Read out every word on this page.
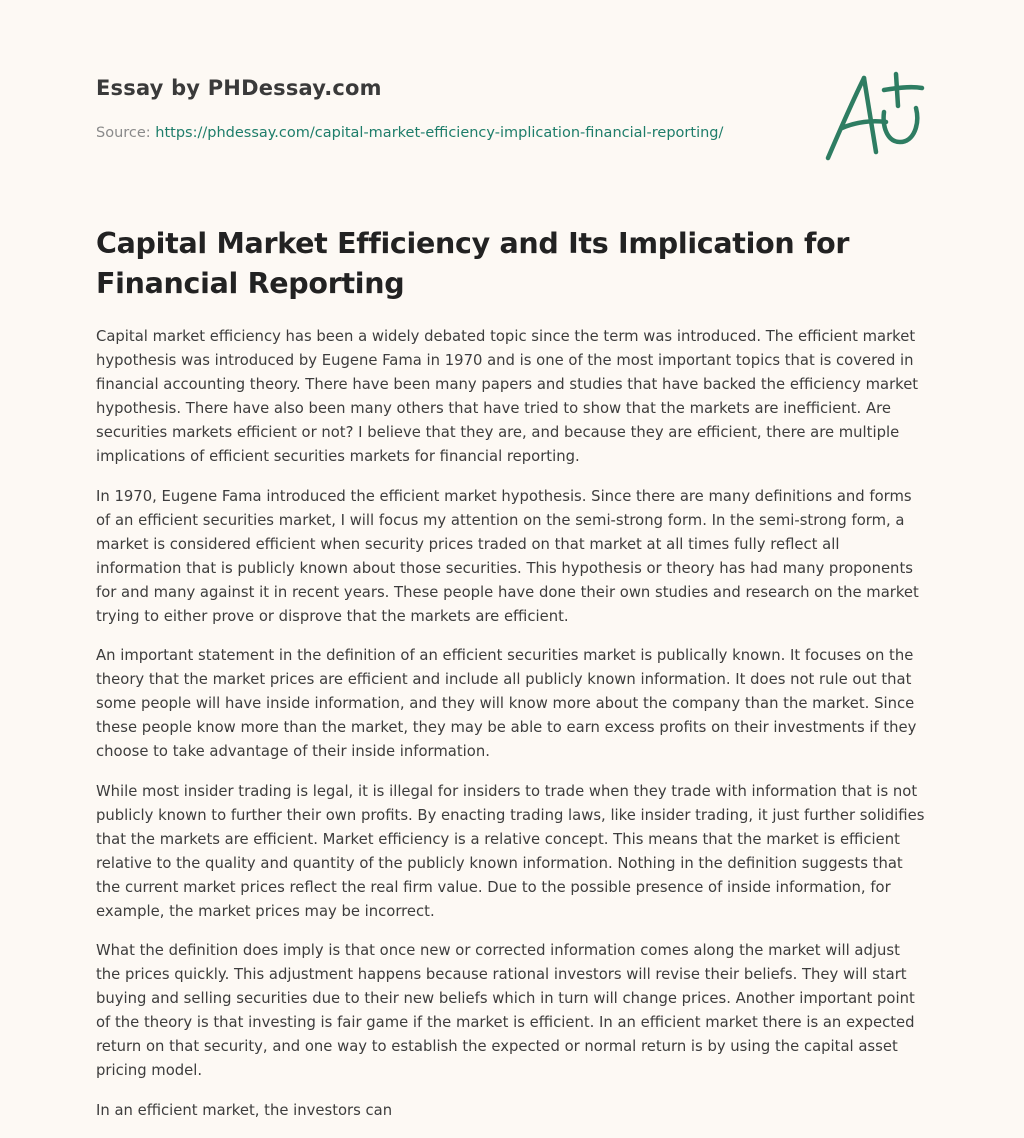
Essay by PHDessay.com
Source: https://phdessay.com/capital-market-efficiency-implication-financial-reporting/
Capital Market Efficiency and Its Implication for Financial Reporting

Capital market efficiency has been a widely debated topic since the term was introduced. The efficient market hypothesis was introduced by Eugene Fama in 1970 and is one of the most important topics that is covered in financial accounting theory. There have been many papers and studies that have backed the efficiency market hypothesis. There have also been many others that have tried to show that the markets are inefficient. Are securities markets efficient or not? I believe that they are, and because they are efficient, there are multiple implications of efficient securities markets for financial reporting.

In 1970, Eugene Fama introduced the efficient market hypothesis. Since there are many definitions and forms of an efficient securities market, I will focus my attention on the semi-strong form. In the semi-strong form, a market is considered efficient when security prices traded on that market at all times fully reflect all information that is publicly known about those securities. This hypothesis or theory has had many proponents for and many against it in recent years. These people have done their own studies and research on the market trying to either prove or disprove that the markets are efficient.

An important statement in the definition of an efficient securities market is publically known. It focuses on the theory that the market prices are efficient and include all publicly known information. It does not rule out that some people will have inside information, and they will know more about the company than the market. Since these people know more than the market, they may be able to earn excess profits on their investments if they choose to take advantage of their inside information.

While most insider trading is legal, it is illegal for insiders to trade when they trade with information that is not publicly known to further their own profits. By enacting trading laws, like insider trading, it just further solidifies that the markets are efficient. Market efficiency is a relative concept. This means that the market is efficient relative to the quality and quantity of the publicly known information. Nothing in the definition suggests that the current market prices reflect the real firm value. Due to the possible presence of inside information, for example, the market prices may be incorrect.

What the definition does imply is that once new or corrected information comes along the market will adjust the prices quickly. This adjustment happens because rational investors will revise their beliefs. They will start buying and selling securities due to their new beliefs which in turn will change prices. Another important point of the theory is that investing is fair game if the market is efficient. In an efficient market there is an expected return on that security, and one way to establish the expected or normal return is by using the capital asset pricing model.

In an efficient market, the investors can
